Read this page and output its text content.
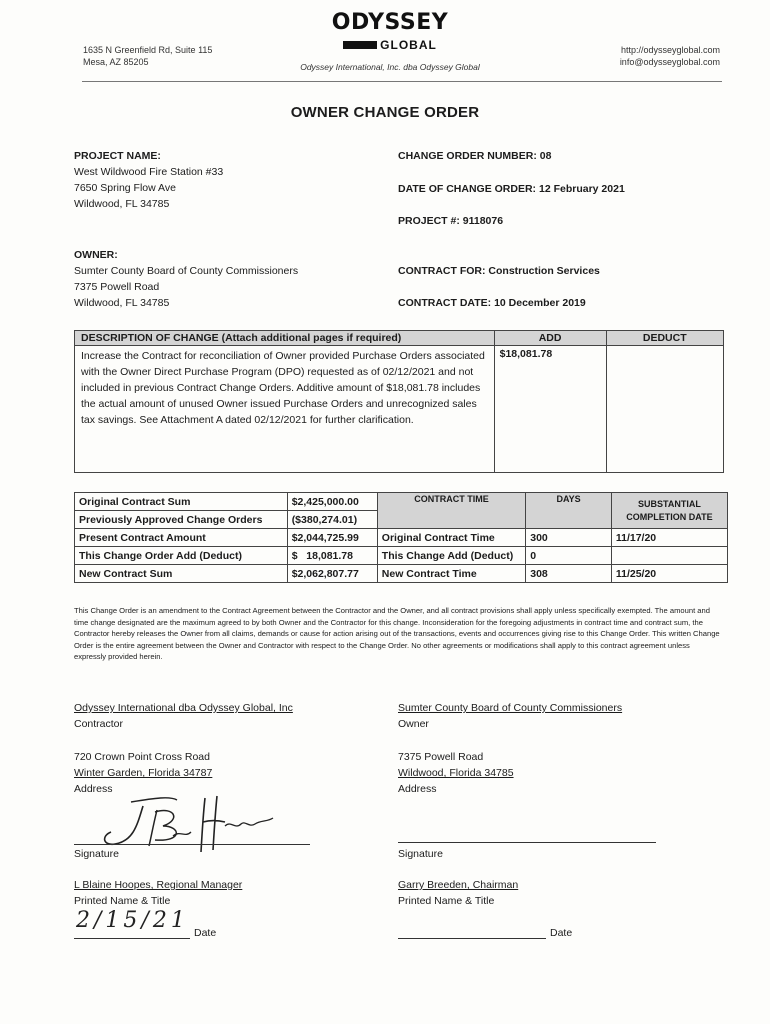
1635 N Greenfield Rd, Suite 115
Mesa, AZ 85205
ODYSSEY
GLOBAL
Odyssey International, Inc. dba Odyssey Global
http://odysseyglobal.com
info@odysseyglobal.com
OWNER CHANGE ORDER
PROJECT NAME:
West Wildwood Fire Station #33
7650 Spring Flow Ave
Wildwood, FL 34785
CHANGE ORDER NUMBER: 08
DATE OF CHANGE ORDER: 12 February 2021
PROJECT #: 9118076
OWNER:
Sumter County Board of County Commissioners
7375 Powell Road
Wildwood, FL 34785
CONTRACT FOR: Construction Services
CONTRACT DATE: 10 December 2019
DESCRIPTION OF CHANGE (Attach additional pages if required)	ADD	DEDUCT
Increase the Contract for reconciliation of Owner provided Purchase Orders associated with the Owner Direct Purchase Program (DPO) requested as of 02/12/2021 and not included in previous Contract Change Orders. Additive amount of $18,081.78 includes the actual amount of unused Owner issued Purchase Orders and unrecognized sales tax savings. See Attachment A dated 02/12/2021 for further clarification.	$18,081.78	
Original Contract Sum	$2,425,000.00	CONTRACT TIME	DAYS	SUBSTANTIAL COMPLETION DATE
Previously Approved Change Orders	($380,274.01)			
Present Contract Amount	$2,044,725.99	Original Contract Time	300	11/17/20
This Change Order Add (Deduct)	$   18,081.78	This Change Add (Deduct)	0	
New Contract Sum	$2,062,807.77	New Contract Time	308	11/25/20
This Change Order is an amendment to the Contract Agreement between the Contractor and the Owner, and all contract provisions shall apply unless specifically exempted. The amount and time change designated are the maximum agreed to by both Owner and the Contractor for this change. Inconsideration for the foregoing adjustments in contract time and contract sum, the Contractor hereby releases the Owner from all claims, demands or cause for action arising out of the transactions, events and occurrences giving rise to this Change Order. This written Change Order is the entire agreement between the Owner and Contractor with respect to the Change Order. No other agreements or modifications shall apply to this contract agreement unless expressly provided herein.
Odyssey International dba Odyssey Global, Inc
Contractor
720 Crown Point Cross Road
Winter Garden, Florida 34787
Address
Signature
L Blaine Hoopes, Regional Manager
Printed Name & Title
2/15/21 Date
Sumter County Board of County Commissioners
Owner
7375 Powell Road
Wildwood, Florida 34785
Address
Signature
Garry Breeden, Chairman
Printed Name & Title
Date
